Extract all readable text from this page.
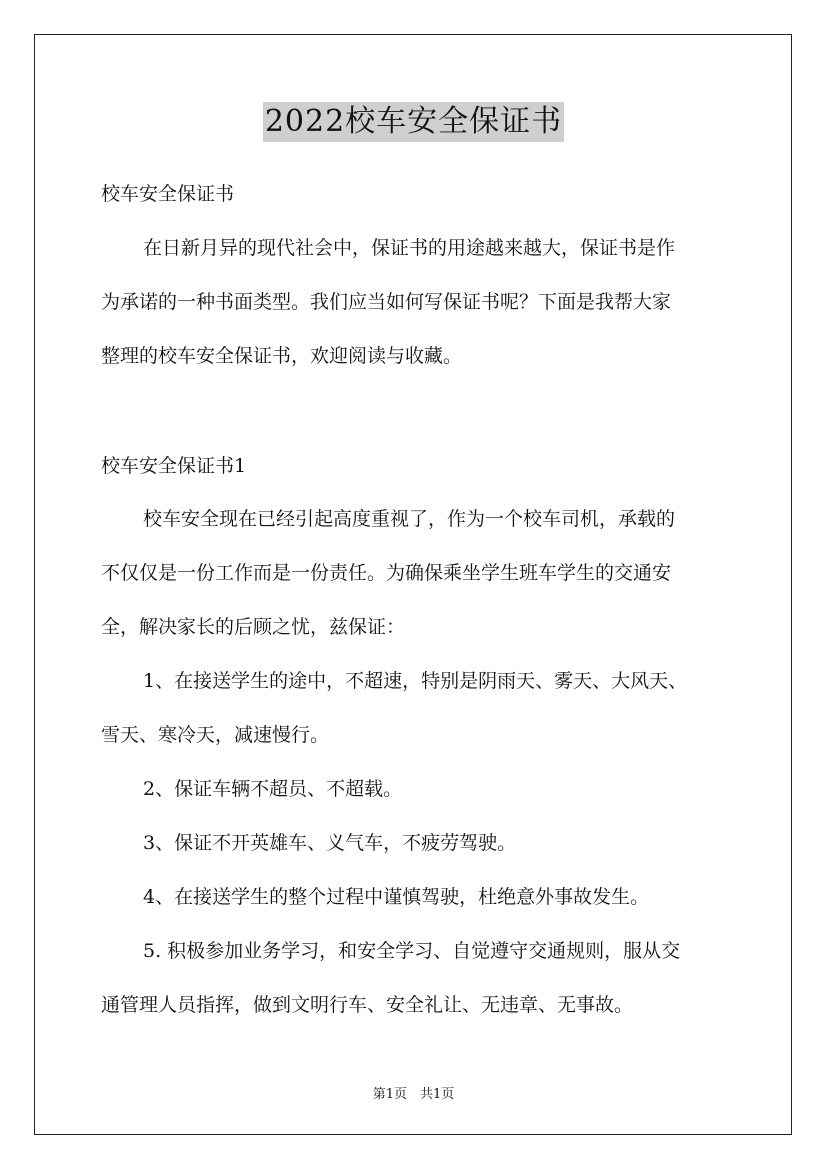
2022校车安全保证书
校车安全保证书
在日新月异的现代社会中，保证书的用途越来越大，保证书是作
为承诺的一种书面类型。我们应当如何写保证书呢？下面是我帮大家
整理的校车安全保证书，欢迎阅读与收藏。
校车安全保证书1
校车安全现在已经引起高度重视了，作为一个校车司机，承载的
不仅仅是一份工作而是一份责任。为确保乘坐学生班车学生的交通安
全，解决家长的后顾之忧，兹保证：
1、在接送学生的途中，不超速，特别是阴雨天、雾天、大风天、
雪天、寒冷天，减速慢行。
2、保证车辆不超员、不超载。
3、保证不开英雄车、义气车，不疲劳驾驶。
4、在接送学生的整个过程中谨慎驾驶，杜绝意外事故发生。
5. 积极参加业务学习，和安全学习、自觉遵守交通规则，服从交
通管理人员指挥，做到文明行车、安全礼让、无违章、无事故。
第1页　共1页
